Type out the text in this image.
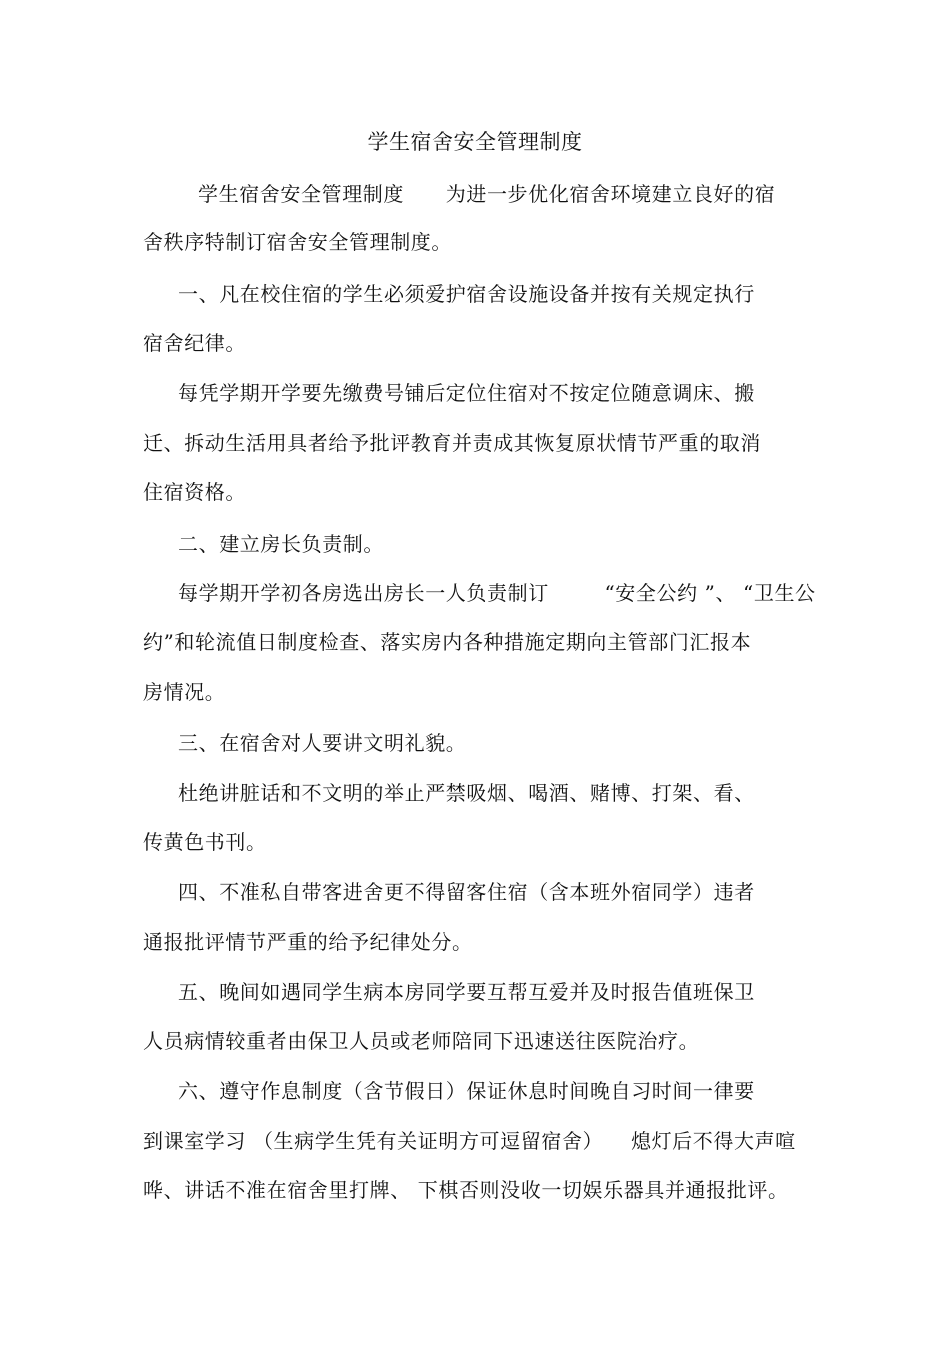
学生宿舍安全管理制度
学生宿舍安全管理制度      为进一步优化宿舍环境建立良好的宿
舍秩序特制订宿舍安全管理制度。
一、凡在校住宿的学生必须爱护宿舍设施设备并按有关规定执行
宿舍纪律。
每凭学期开学要先缴费号铺后定位住宿对不按定位随意调床、搬
迁、拆动生活用具者给予批评教育并责成其恢复原状情节严重的取消
住宿资格。
二、建立房长负责制。
每学期开学初各房选出房长一人负责制订        “安全公约 ”、 “卫生公
约”和轮流值日制度检查、落实房内各种措施定期向主管部门汇报本
房情况。
三、在宿舍对人要讲文明礼貌。
杜绝讲脏话和不文明的举止严禁吸烟、喝酒、赌博、打架、看、
传黄色书刊。
四、不准私自带客进舍更不得留客住宿（含本班外宿同学）违者
通报批评情节严重的给予纪律处分。
五、晚间如遇同学生病本房同学要互帮互爱并及时报告值班保卫
人员病情较重者由保卫人员或老师陪同下迅速送往医院治疗。
六、遵守作息制度（含节假日）保证休息时间晚自习时间一律要
到课室学习 （生病学生凭有关证明方可逗留宿舍）    熄灯后不得大声喧
哗、讲话不准在宿舍里打牌、 下棋否则没收一切娱乐器具并通报批评。
